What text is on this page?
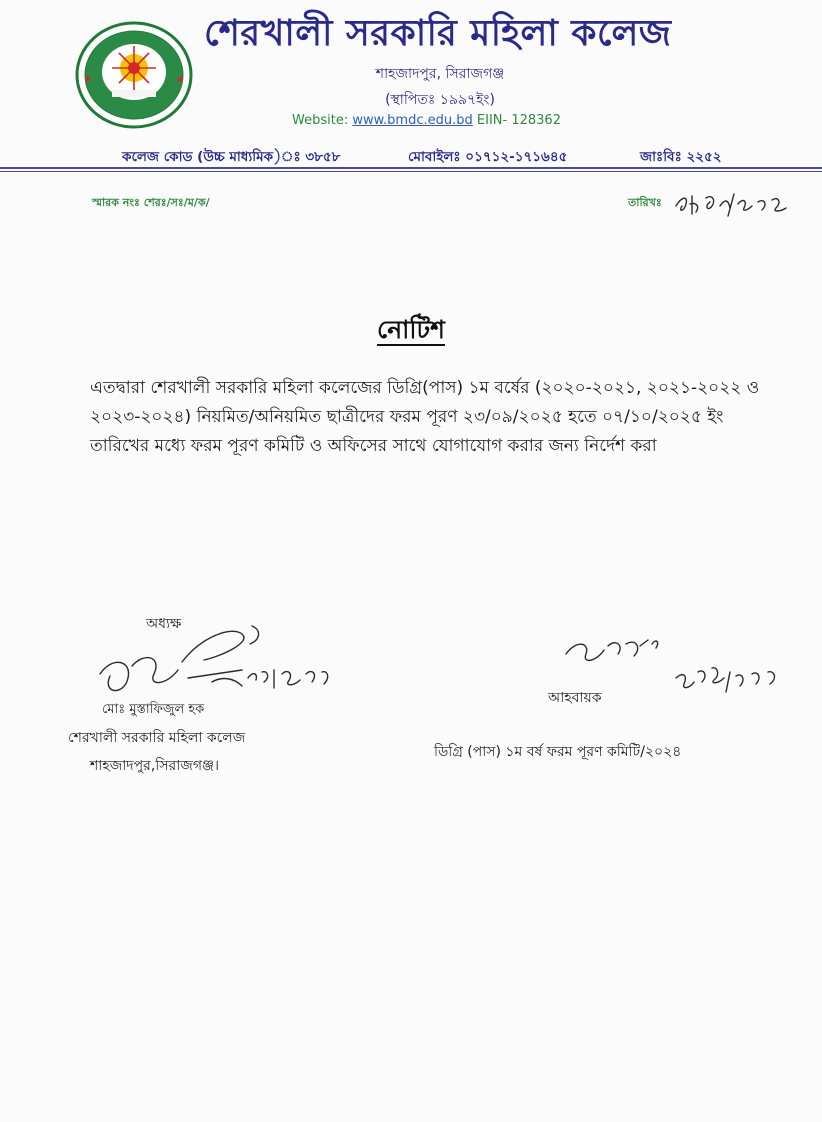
শেরখালী সরকারি মহিলা কলেজ
শাহজাদপুর, সিরাজগঞ্জ
(স্থাপিতঃ ১৯৯৭ইং)
Website: www.bmdc.edu.bd EIIN- 128362
কলেজ কোড (উচ্চ মাধ্যমিক)ঃ ৩৮৫৮	মোবাইলঃ ০১৭১২-১৭১৬৪৫	জাঃবিঃ ২২৫২
স্মারক নংঃ শেরঃ/সঃ/ম/ক/	তারিখঃ
নোটিশ
এতদ্বারা শেরখালী সরকারি মহিলা কলেজের ডিগ্রি(পাস) ১ম বর্ষের (২০২০-২০২১, ২০২১-২০২২ ও ২০২৩-২০২৪) নিয়মিত/অনিয়মিত ছাত্রীদের ফরম পূরণ ২৩/০৯/২০২৫ হতে ০৭/১০/২০২৫ ইং তারিখের মধ্যে ফরম পূরণ কমিটি ও অফিসের সাথে যোগাযোগ করার জন্য নির্দেশ করা
অধ্যক্ষ
মোঃ মুস্তাফিজুল হক
শেরখালী সরকারি মহিলা কলেজ
শাহজাদপুর,সিরাজগঞ্জ।
আহবায়ক
ডিগ্রি (পাস) ১ম বর্ষ ফরম পূরণ কমিটি/২০২৪
